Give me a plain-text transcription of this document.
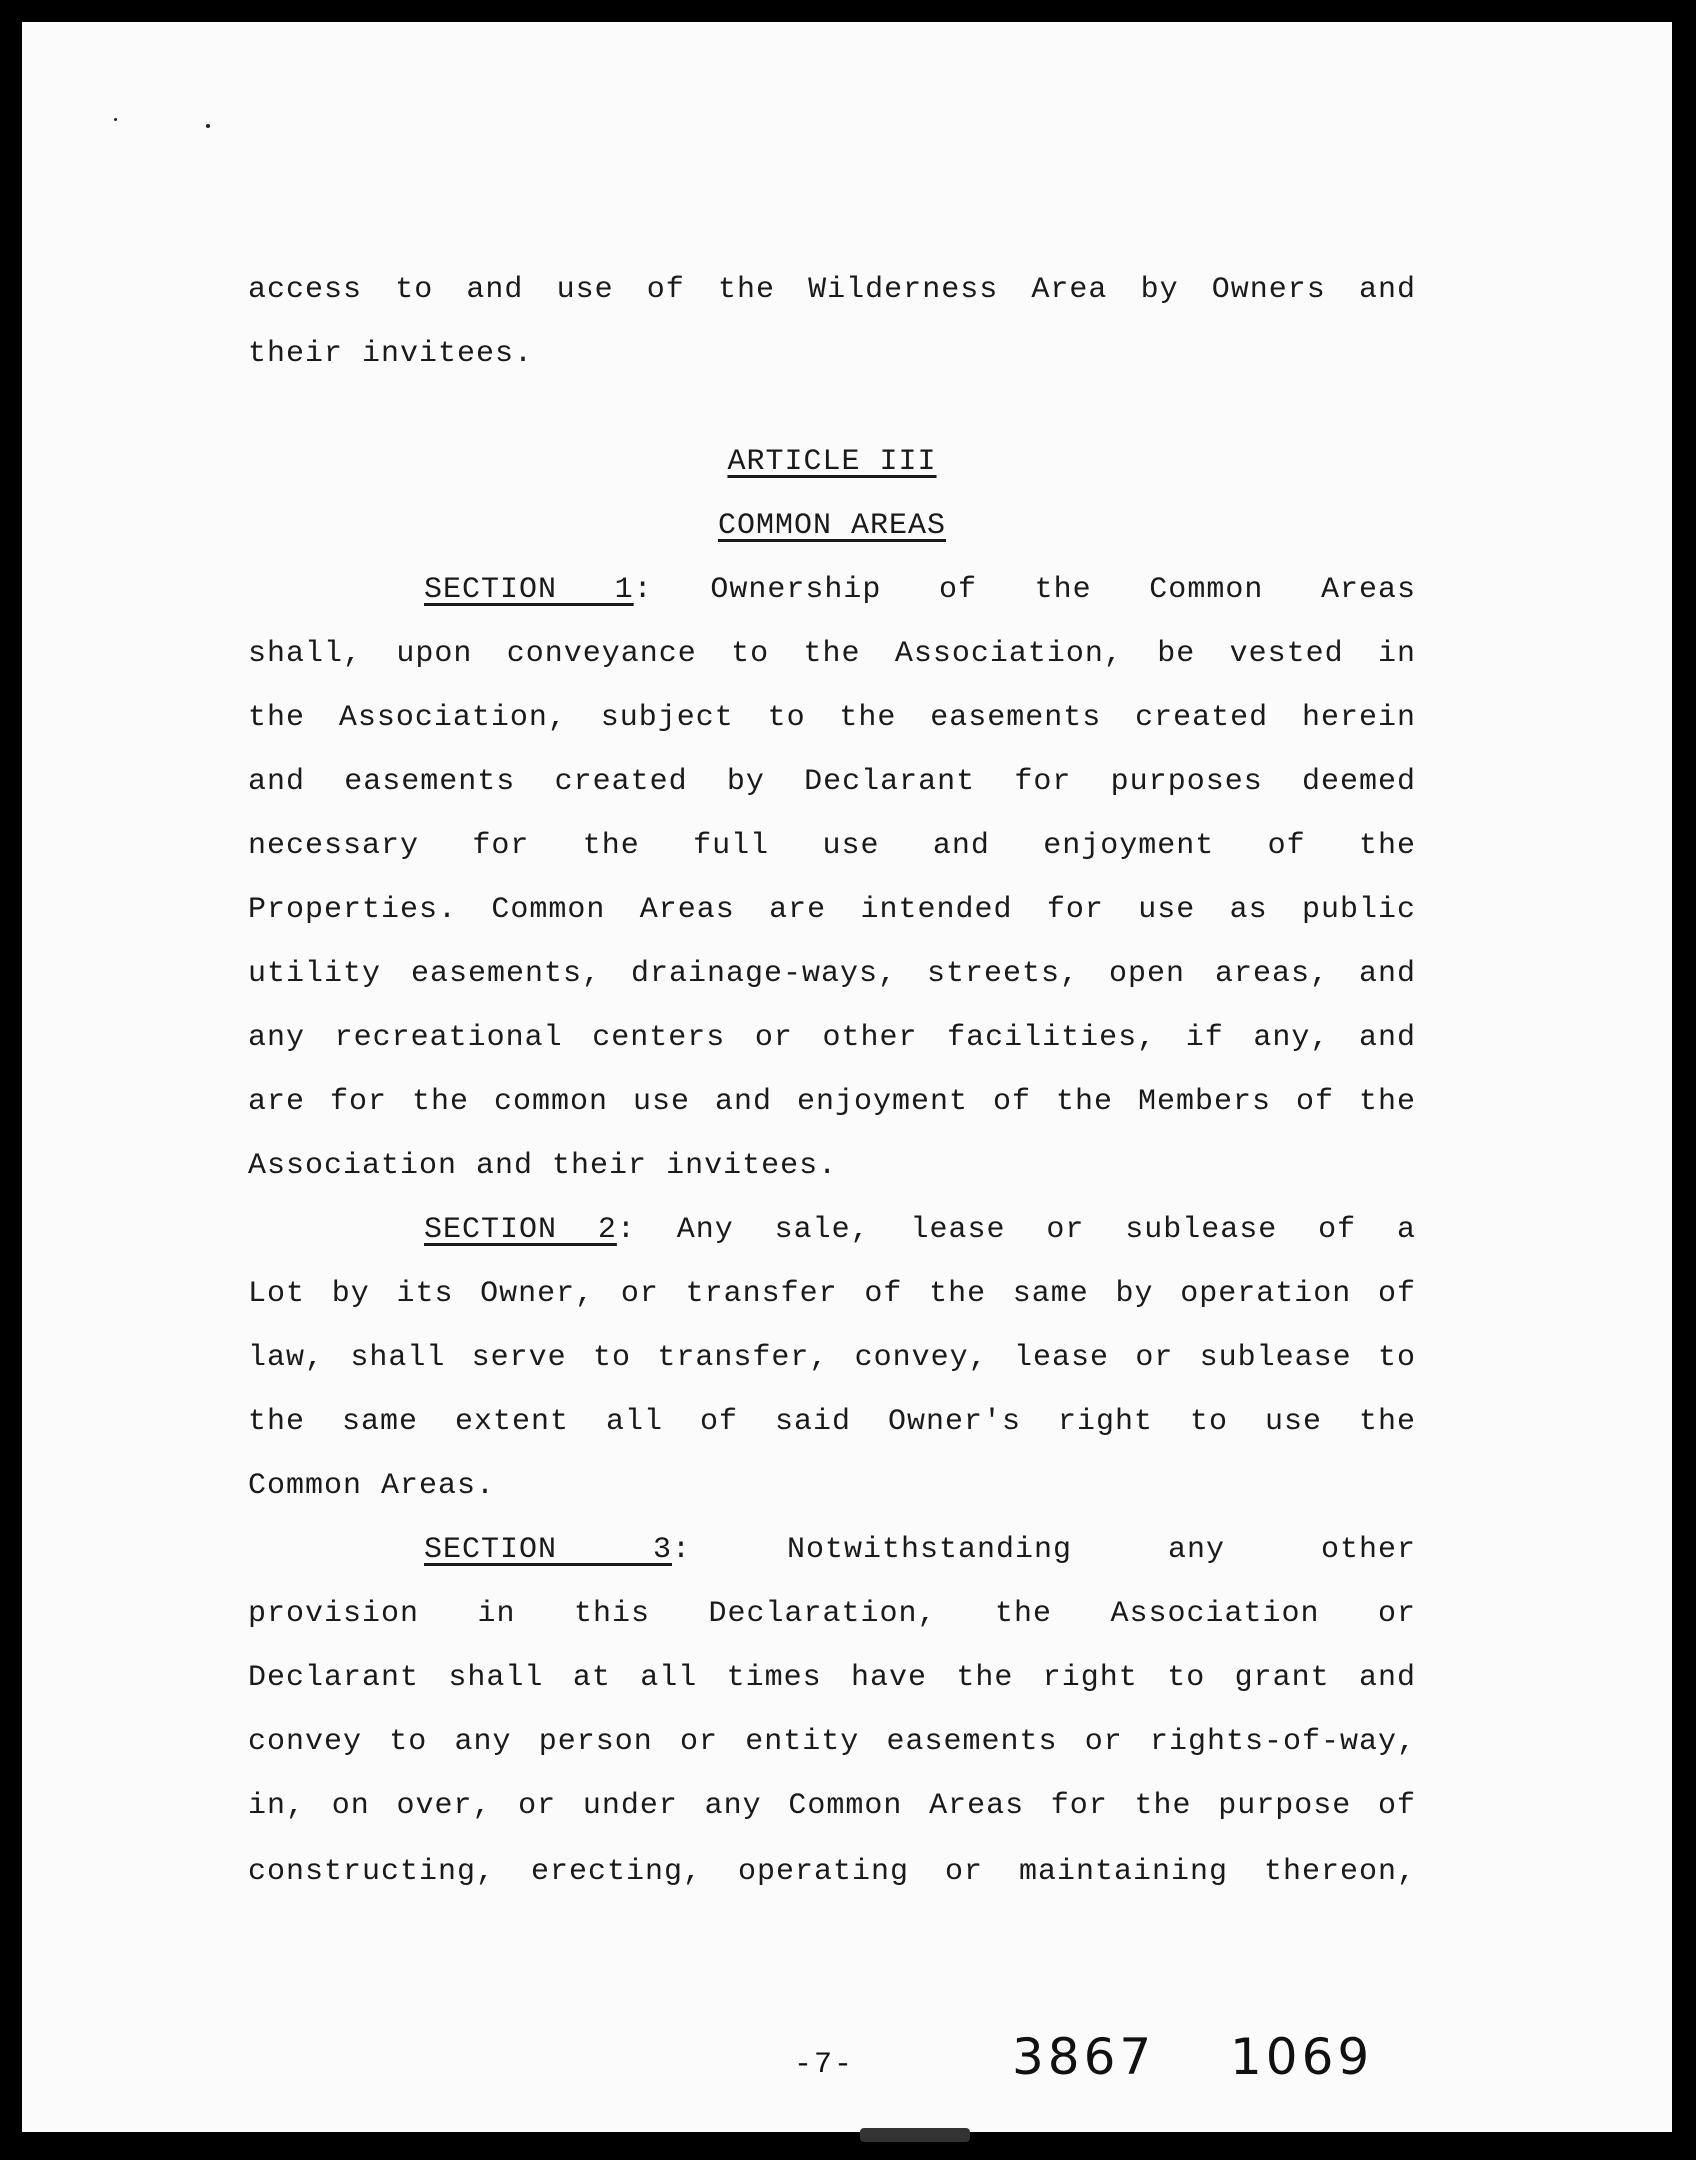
access to and use of the Wilderness Area by Owners and
their invitees.
ARTICLE III
COMMON AREAS
SECTION 1: Ownership of the Common Areas
shall, upon conveyance to the Association, be vested in
the Association, subject to the easements created herein
and easements created by Declarant for purposes deemed
necessary for the full use and enjoyment of the
Properties. Common Areas are intended for use as public
utility easements, drainage-ways, streets, open areas, and
any recreational centers or other facilities, if any, and
are for the common use and enjoyment of the Members of the
Association and their invitees.
SECTION 2: Any sale, lease or sublease of a
Lot by its Owner, or transfer of the same by operation of
law, shall serve to transfer, convey, lease or sublease to
the same extent all of said Owner's right to use the
Common Areas.
SECTION 3: Notwithstanding any other
provision in this Declaration, the Association or
Declarant shall at all times have the right to grant and
convey to any person or entity easements or rights-of-way,
in, on over, or under any Common Areas for the purpose of
constructing, erecting, operating or maintaining thereon,
-7-	3867 1069
